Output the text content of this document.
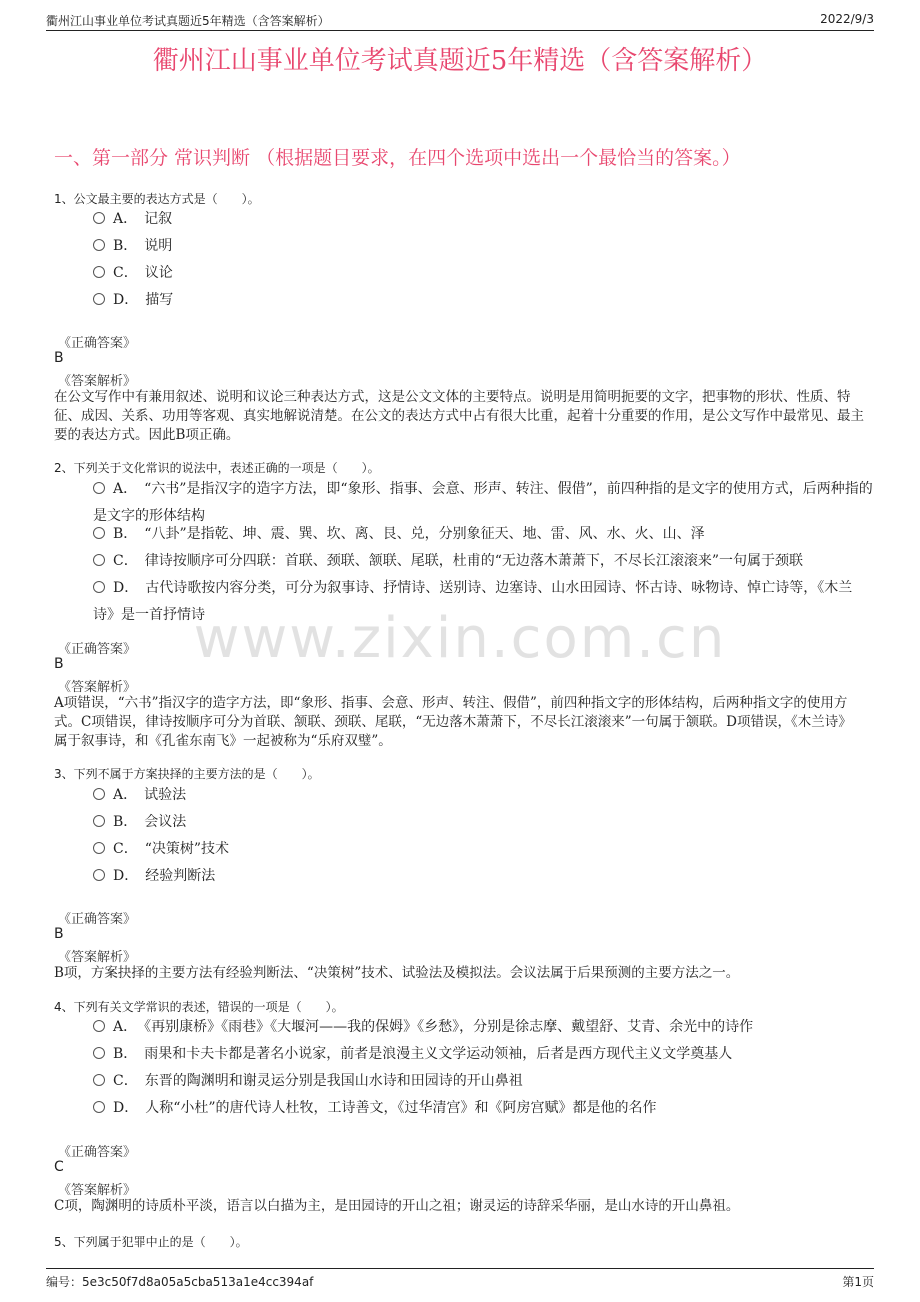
衢州江山事业单位考试真题近5年精选（含答案解析）	2022/9/3
衢州江山事业单位考试真题近5年精选（含答案解析）
一、第一部分 常识判断 （根据题目要求，在四个选项中选出一个最恰当的答案。）
www.zixin.com.cn
1、公文最主要的表达方式是（　　）。
A．　记叙
B．　说明
C．　议论
D．　描写
《正确答案》
B
《答案解析》
在公文写作中有兼用叙述、说明和议论三种表达方式，这是公文文体的主要特点。说明是用简明扼要的文字，把事物的形状、性质、特征、成因、关系、功用等客观、真实地解说清楚。在公文的表达方式中占有很大比重，起着十分重要的作用，是公文写作中最常见、最主要的表达方式。因此B项正确。
2、下列关于文化常识的说法中，表述正确的一项是（　　）。
A．　“六书”是指汉字的造字方法，即“象形、指事、会意、形声、转注、假借”，前四种指的是文字的使用方式，后两种指的是文字的形体结构
B．　“八卦”是指乾、坤、震、巽、坎、离、艮、兑，分别象征天、地、雷、风、水、火、山、泽
C．　律诗按顺序可分四联：首联、颈联、颔联、尾联，杜甫的“无边落木萧萧下，不尽长江滚滚来”一句属于颈联
D．　古代诗歌按内容分类，可分为叙事诗、抒情诗、送别诗、边塞诗、山水田园诗、怀古诗、咏物诗、悼亡诗等，《木兰诗》是一首抒情诗
《正确答案》
B
《答案解析》
A项错误，“六书”指汉字的造字方法，即“象形、指事、会意、形声、转注、假借”，前四种指文字的形体结构，后两种指文字的使用方式。C项错误，律诗按顺序可分为首联、颔联、颈联、尾联，“无边落木萧萧下，不尽长江滚滚来”一句属于颔联。D项错误，《木兰诗》属于叙事诗，和《孔雀东南飞》一起被称为“乐府双璧”。
3、下列不属于方案抉择的主要方法的是（　　）。
A．　试验法
B．　会议法
C．　“决策树”技术
D．　经验判断法
《正确答案》
B
《答案解析》
B项，方案抉择的主要方法有经验判断法、“决策树”技术、试验法及模拟法。会议法属于后果预测的主要方法之一。
4、下列有关文学常识的表述，错误的一项是（　　）。
A．　《再别康桥》《雨巷》《大堰河——我的保姆》《乡愁》，分别是徐志摩、戴望舒、艾青、余光中的诗作
B．　雨果和卡夫卡都是著名小说家，前者是浪漫主义文学运动领袖，后者是西方现代主义文学奠基人
C．　东晋的陶渊明和谢灵运分别是我国山水诗和田园诗的开山鼻祖
D．　人称“小杜”的唐代诗人杜牧，工诗善文，《过华清宫》和《阿房宫赋》都是他的名作
《正确答案》
C
《答案解析》
C项，陶渊明的诗质朴平淡，语言以白描为主，是田园诗的开山之祖；谢灵运的诗辞采华丽，是山水诗的开山鼻祖。
5、下列属于犯罪中止的是（　　）。
编号：5e3c50f7d8a05a5cba513a1e4cc394af	第1页
